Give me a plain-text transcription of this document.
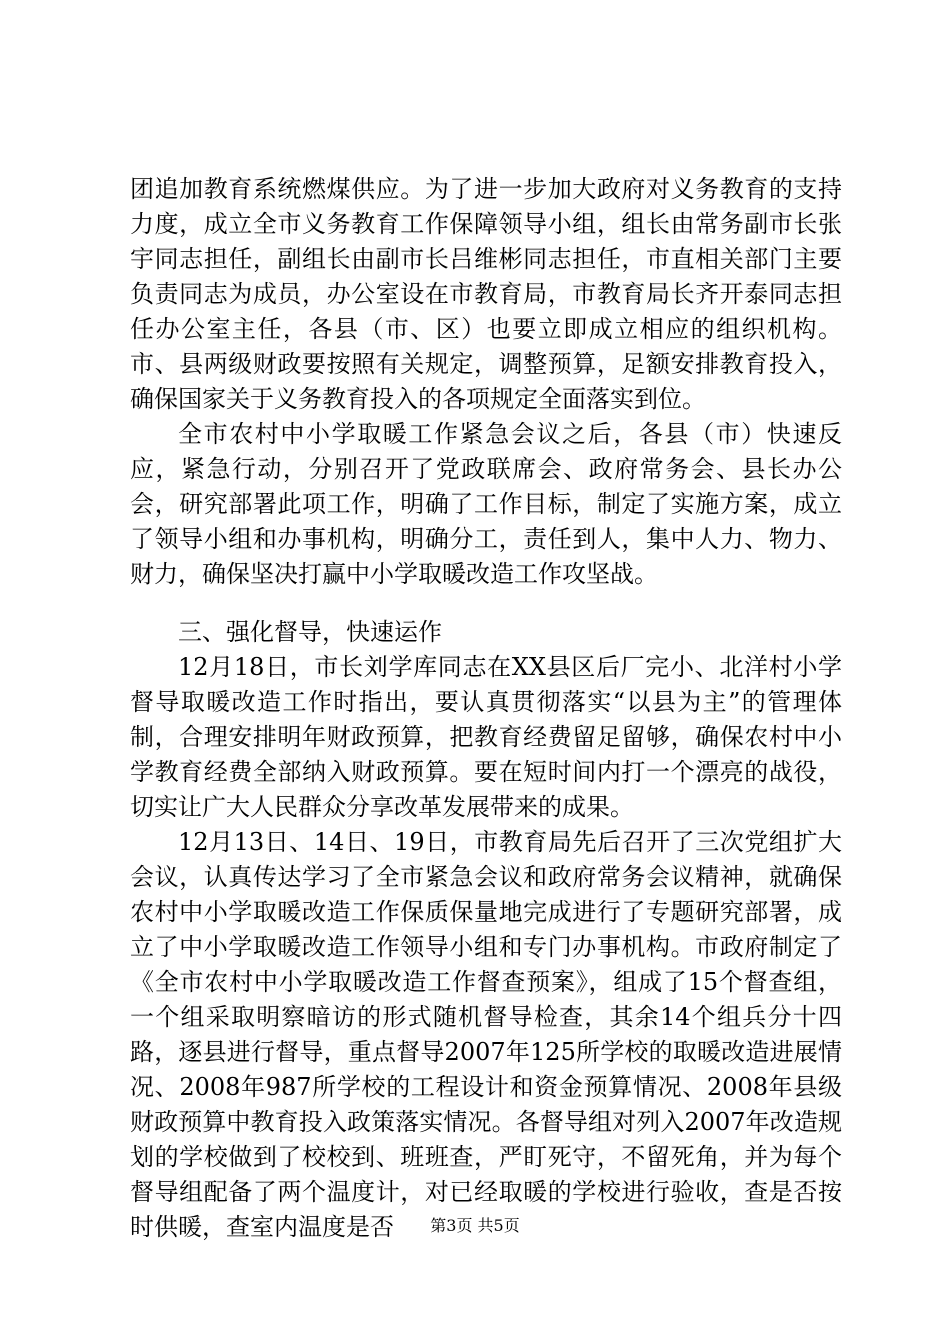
团追加教育系统燃煤供应。为了进一步加大政府对义务教育的支持力度，成立全市义务教育工作保障领导小组，组长由常务副市长张宇同志担任，副组长由副市长吕维彬同志担任，市直相关部门主要负责同志为成员，办公室设在市教育局，市教育局长齐开泰同志担任办公室主任，各县（市、区）也要立即成立相应的组织机构。市、县两级财政要按照有关规定，调整预算，足额安排教育投入，确保国家关于义务教育投入的各项规定全面落实到位。

全市农村中小学取暖工作紧急会议之后，各县（市）快速反应，紧急行动，分别召开了党政联席会、政府常务会、县长办公会，研究部署此项工作，明确了工作目标，制定了实施方案，成立了领导小组和办事机构，明确分工，责任到人，集中人力、物力、财力，确保坚决打赢中小学取暖改造工作攻坚战。

三、强化督导，快速运作

12月18日，市长刘学库同志在XX县区后厂完小、北洋村小学督导取暖改造工作时指出，要认真贯彻落实“以县为主”的管理体制，合理安排明年财政预算，把教育经费留足留够，确保农村中小学教育经费全部纳入财政预算。要在短时间内打一个漂亮的战役，切实让广大人民群众分享改革发展带来的成果。

12月13日、14日、19日，市教育局先后召开了三次党组扩大会议，认真传达学习了全市紧急会议和政府常务会议精神，就确保农村中小学取暖改造工作保质保量地完成进行了专题研究部署，成立了中小学取暖改造工作领导小组和专门办事机构。市政府制定了《全市农村中小学取暖改造工作督查预案》，组成了15个督查组，一个组采取明察暗访的形式随机督导检查，其余14个组兵分十四路，逐县进行督导，重点督导2007年125所学校的取暖改造进展情况、2008年987所学校的工程设计和资金预算情况、2008年县级财政预算中教育投入政策落实情况。各督导组对列入2007年改造规划的学校做到了校校到、班班查，严盯死守，不留死角，并为每个督导组配备了两个温度计，对已经取暖的学校进行验收，查是否按时供暖，查室内温度是否	第3页 共5页
